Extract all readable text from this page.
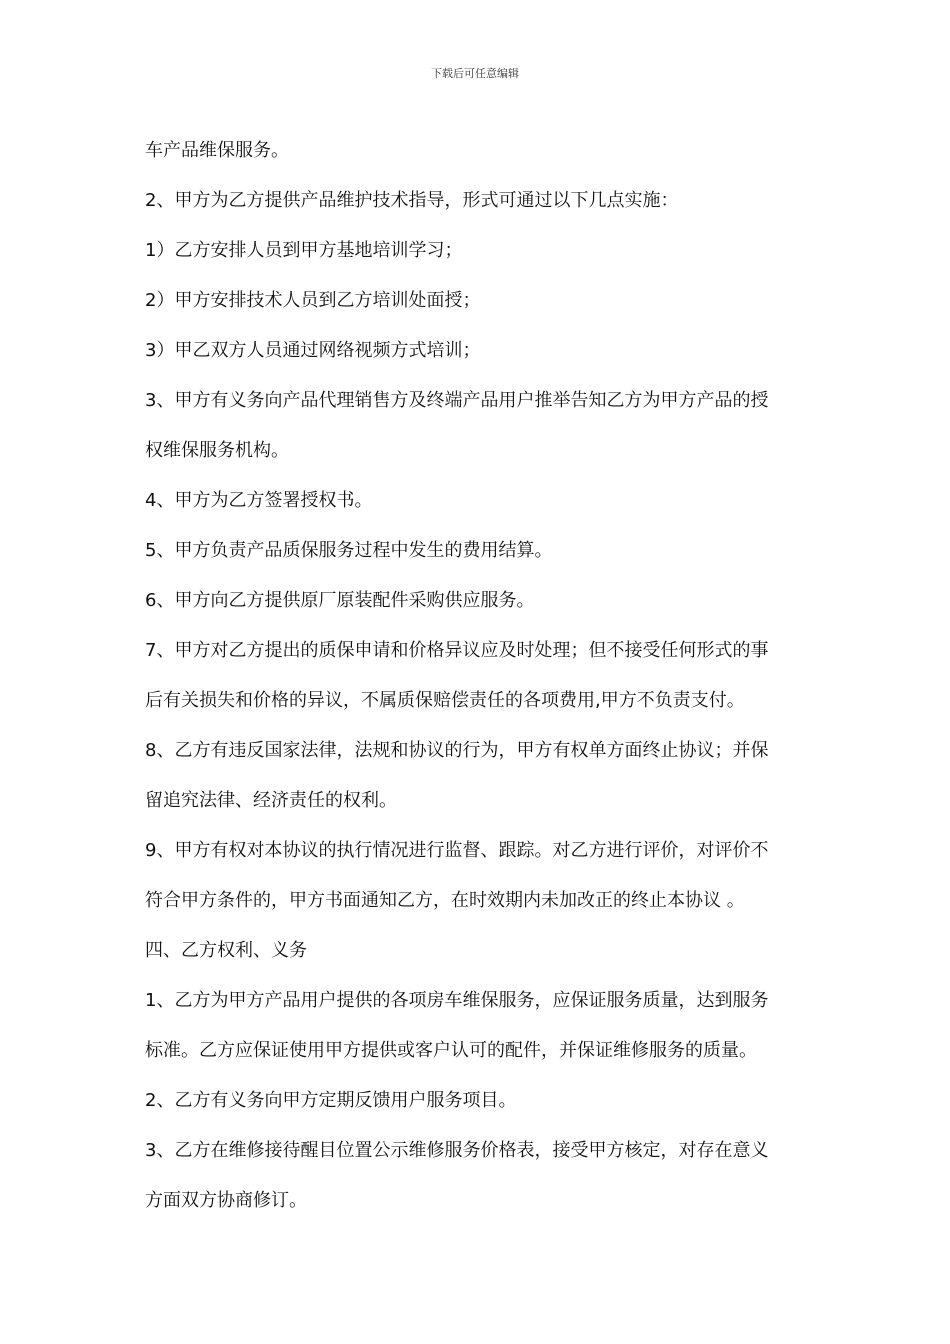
下载后可任意编辑
车产品维保服务。
2、甲方为乙方提供产品维护技术指导，形式可通过以下几点实施：
1）乙方安排人员到甲方基地培训学习；
2）甲方安排技术人员到乙方培训处面授；
3）甲乙双方人员通过网络视频方式培训；
3、甲方有义务向产品代理销售方及终端产品用户推举告知乙方为甲方产品的授
权维保服务机构。
4、甲方为乙方签署授权书。
5、甲方负责产品质保服务过程中发生的费用结算。
6、甲方向乙方提供原厂原装配件采购供应服务。
7、甲方对乙方提出的质保申请和价格异议应及时处理；但不接受任何形式的事
后有关损失和价格的异议，不属质保赔偿责任的各项费用,甲方不负责支付。
8、乙方有违反国家法律，法规和协议的行为，甲方有权单方面终止协议；并保
留追究法律、经济责任的权利。
9、甲方有权对本协议的执行情况进行监督、跟踪。对乙方进行评价，对评价不
符合甲方条件的，甲方书面通知乙方，在时效期内未加改正的终止本协议 。
四、乙方权利、义务
1、乙方为甲方产品用户提供的各项房车维保服务，应保证服务质量，达到服务
标准。乙方应保证使用甲方提供或客户认可的配件，并保证维修服务的质量。
2、乙方有义务向甲方定期反馈用户服务项目。
3、乙方在维修接待醒目位置公示维修服务价格表，接受甲方核定，对存在意义
方面双方协商修订。
